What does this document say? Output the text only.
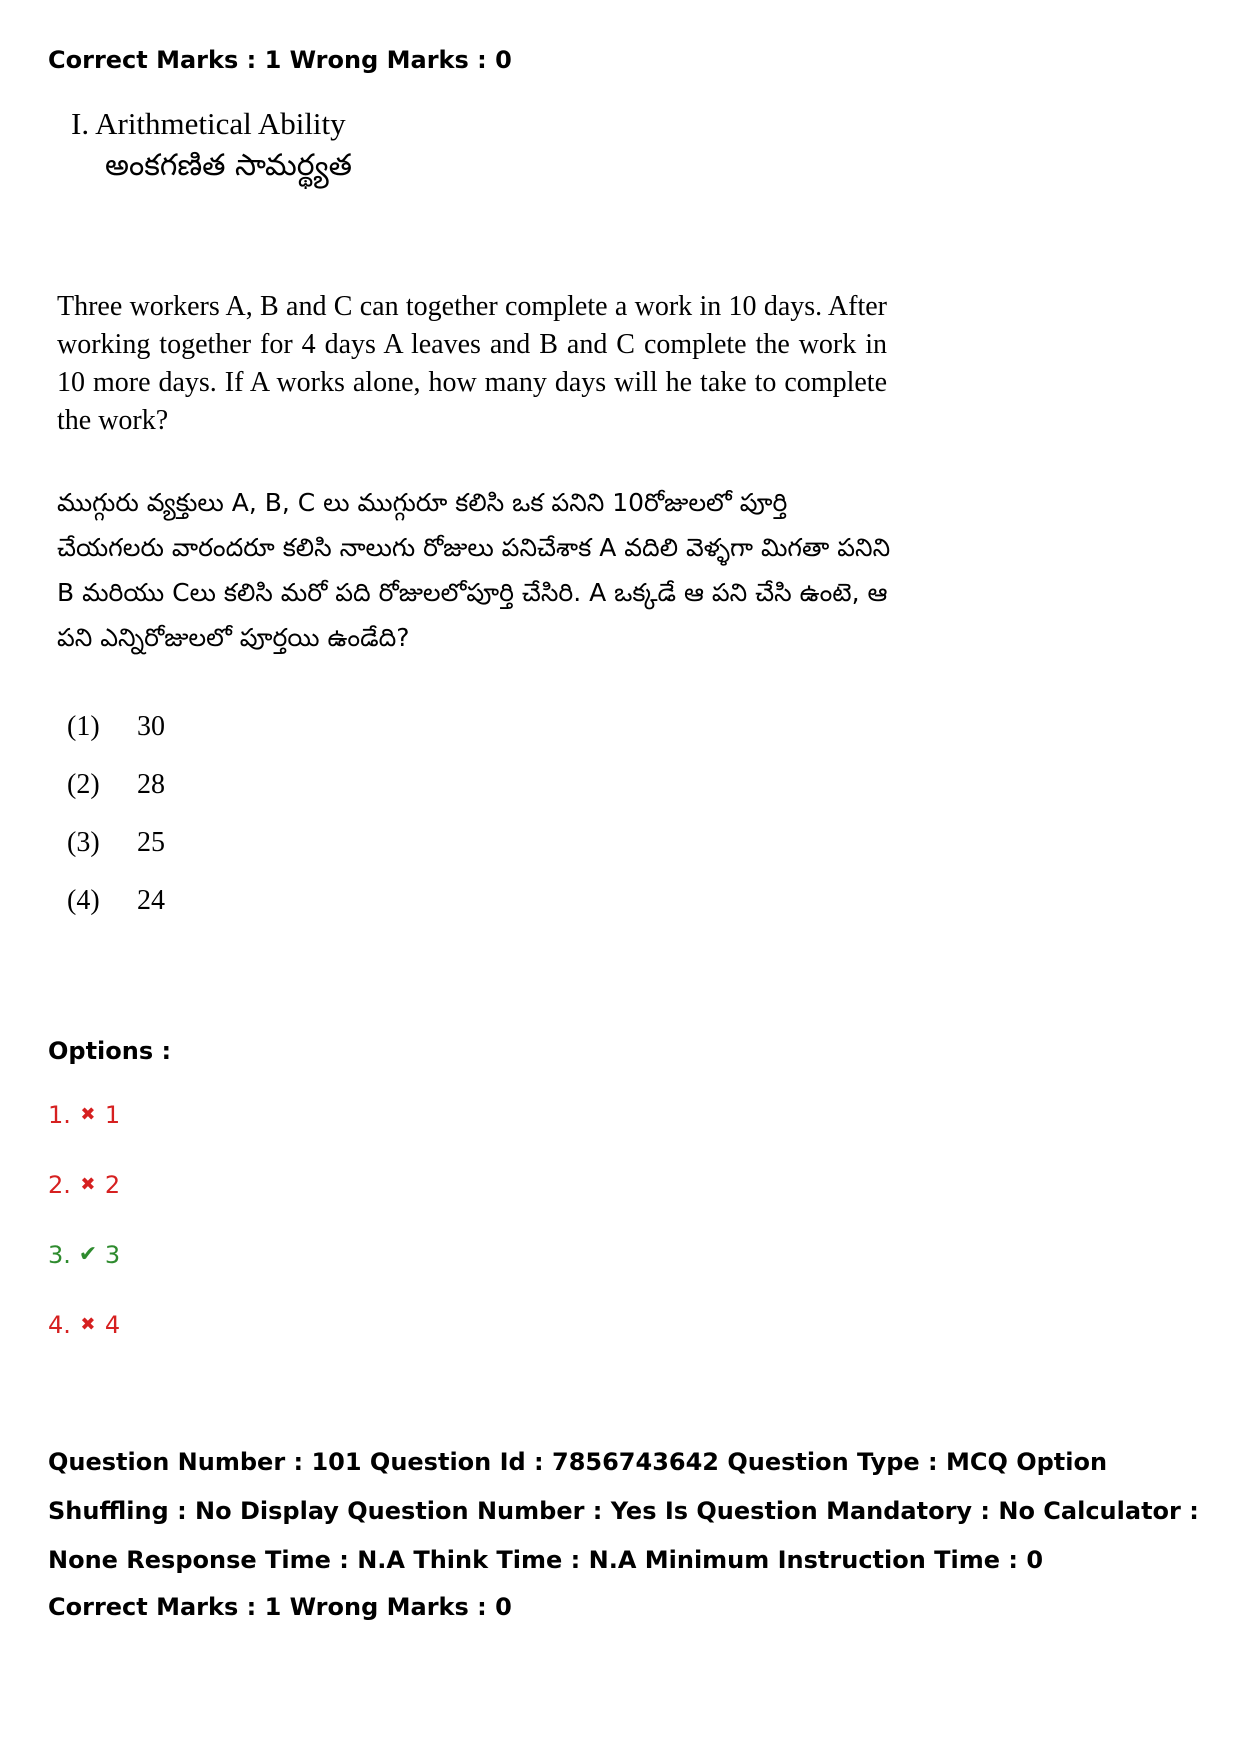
Correct Marks : 1 Wrong Marks : 0

I. Arithmetical Ability

అంకగణిత సామర్థ్యత

Three workers A, B and C can together complete a work in 10 days. After working together for 4 days A leaves and B and C complete the work in 10 more days. If A works alone, how many days will he take to complete the work?

ముగ్గురు వ్యక్తులు A, B, C లు ముగ్గురూ కలిసి ఒక పనిని 10రోజులలో పూర్తి చేయగలరు వారందరూ కలిసి నాలుగు రోజులు పనిచేశాక A వదిలి వెళ్ళగా మిగతా పనిని B మరియు Cలు కలిసి మరో పది రోజులలోపూర్తి చేసిరి. A ఒక్కడే ఆ పని చేసి ఉంటె, ఆ పని ఎన్నిరోజులలో పూర్తయి ఉండేది?

(1)	30
(2)	28
(3)	25
(4)	24

Options :

1. ✖ 1
2. ✖ 2
3. ✔ 3
4. ✖ 4

Question Number : 101 Question Id : 7856743642 Question Type : MCQ Option Shuffling : No Display Question Number : Yes Is Question Mandatory : No Calculator : None Response Time : N.A Think Time : N.A Minimum Instruction Time : 0

Correct Marks : 1 Wrong Marks : 0
